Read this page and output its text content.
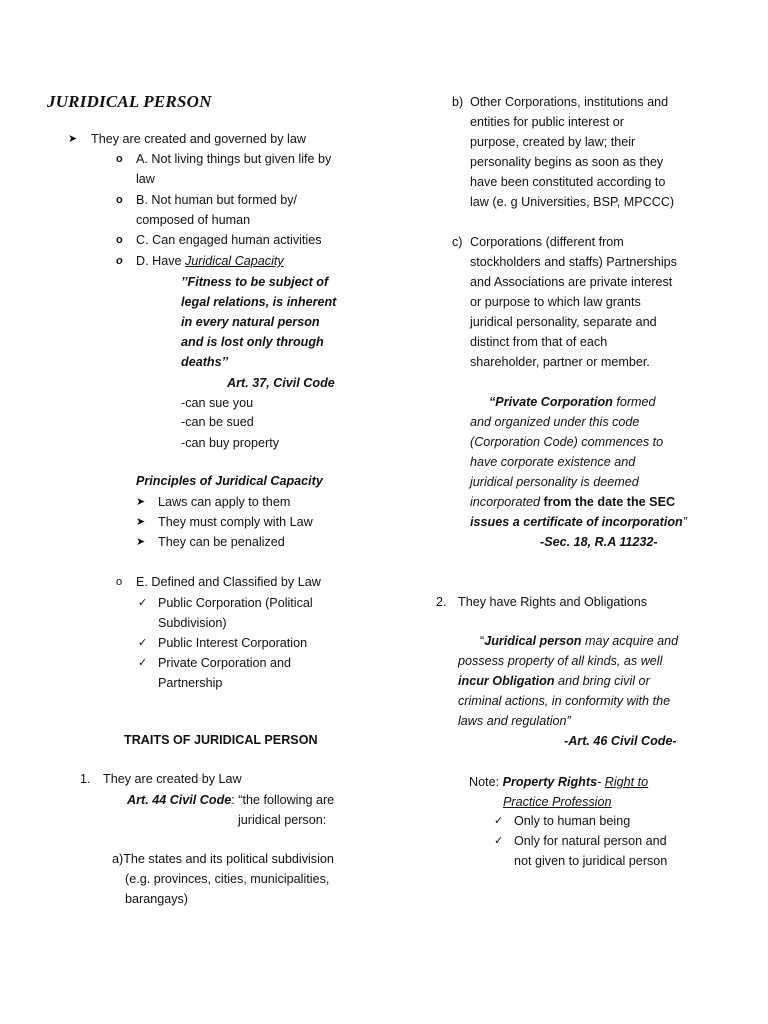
JURIDICAL PERSON
➤
They are created and governed by law
o
A. Not living things but given life by
law
o
B. Not human but formed by/
composed of human
o
C. Can engaged human activities
o
D. Have Juridical Capacity
’’Fitness to be subject of
legal relations, is inherent
in every natural person
and is lost only through
deaths’’
Art. 37, Civil Code
-can sue you
-can be sued
-can buy property
Principles of Juridical Capacity
➤
Laws can apply to them
➤
They must comply with Law
➤
They can be penalized
o
E. Defined and Classified by Law
✓
Public Corporation (Political
Subdivision)
✓
Public Interest Corporation
✓
Private Corporation and
Partnership
TRAITS OF JURIDICAL PERSON
1. They are created by Law
Art. 44 Civil Code: “the following are
juridical person:
a)The states and its political subdivision
(e.g. provinces, cities, municipalities,
barangays)
b) Other Corporations, institutions and
entities for public interest or
purpose, created by law; their
personality begins as soon as they
have been constituted according to
law (e. g Universities, BSP, MPCCC)
c) Corporations (different from
stockholders and staffs) Partnerships
and Associations are private interest
or purpose to which law grants
juridical personality, separate and
distinct from that of each
shareholder, partner or member.
“Private Corporation formed
and organized under this code
(Corporation Code) commences to
have corporate existence and
juridical personality is deemed
incorporated from the date the SEC
issues a certificate of incorporation”
-Sec. 18, R.A 11232-
2. They have Rights and Obligations
“Juridical person may acquire and
possess property of all kinds, as well
incur Obligation and bring civil or
criminal actions, in conformity with the
laws and regulation”
-Art. 46 Civil Code-
Note: Property Rights- Right to
Practice Profession
✓
Only to human being
✓
Only for natural person and
not given to juridical person
